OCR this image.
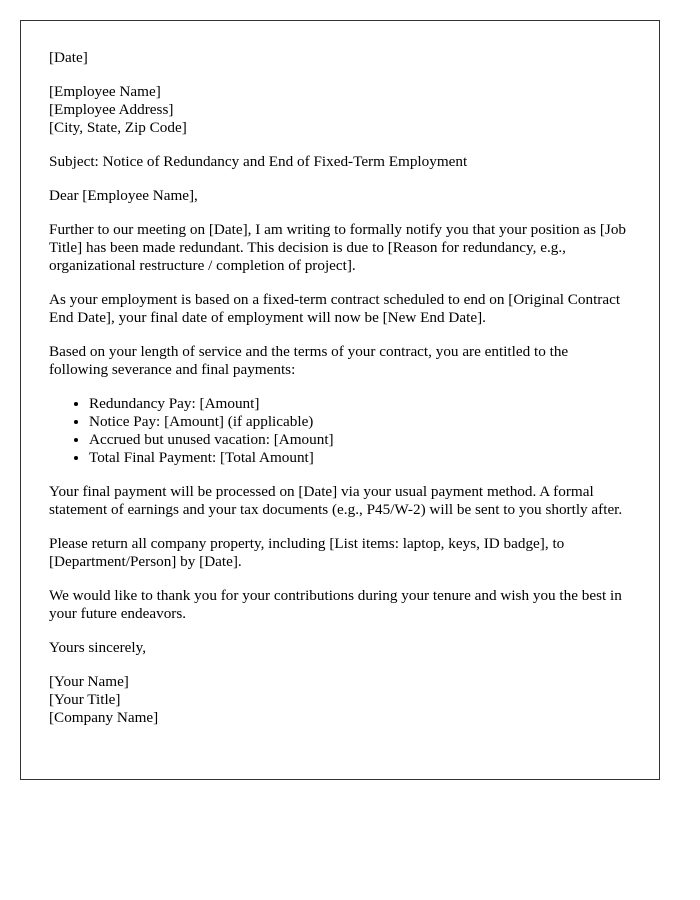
[Date]

[Employee Name]
[Employee Address]
[City, State, Zip Code]

Subject: Notice of Redundancy and End of Fixed-Term Employment

Dear [Employee Name],

Further to our meeting on [Date], I am writing to formally notify you that your position as [Job Title] has been made redundant. This decision is due to [Reason for redundancy, e.g., organizational restructure / completion of project].

As your employment is based on a fixed-term contract scheduled to end on [Original Contract End Date], your final date of employment will now be [New End Date].

Based on your length of service and the terms of your contract, you are entitled to the following severance and final payments:

• Redundancy Pay: [Amount]
• Notice Pay: [Amount] (if applicable)
• Accrued but unused vacation: [Amount]
• Total Final Payment: [Total Amount]

Your final payment will be processed on [Date] via your usual payment method. A formal statement of earnings and your tax documents (e.g., P45/W-2) will be sent to you shortly after.

Please return all company property, including [List items: laptop, keys, ID badge], to [Department/Person] by [Date].

We would like to thank you for your contributions during your tenure and wish you the best in your future endeavors.

Yours sincerely,

[Your Name]
[Your Title]
[Company Name]
